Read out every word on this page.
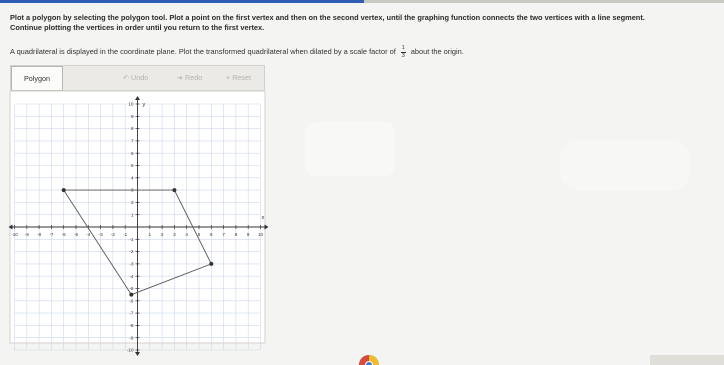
Plot a polygon by selecting the polygon tool. Plot a point on the first vertex and then on the second vertex, until the graphing function connects the two vertices with a line segment.
Continue plotting the vertices in order until you return to the first vertex.
A quadrilateral is displayed in the coordinate plane. Plot the transformed quadrilateral when dilated by a scale factor of $\frac{1}{3}$ about the origin.
Polygon	↶ Undo	➔ Redo	× Reset
-10 -9 -8 -7 -6 -5 -4 -3 -2 -1	1 2 3 4 5 6 7 8 9 10
-10
-9
-8
-7
-6
-5
-4
-3
-2
-1
1
2
3
4
5
6
7
8
9
10
x
y
